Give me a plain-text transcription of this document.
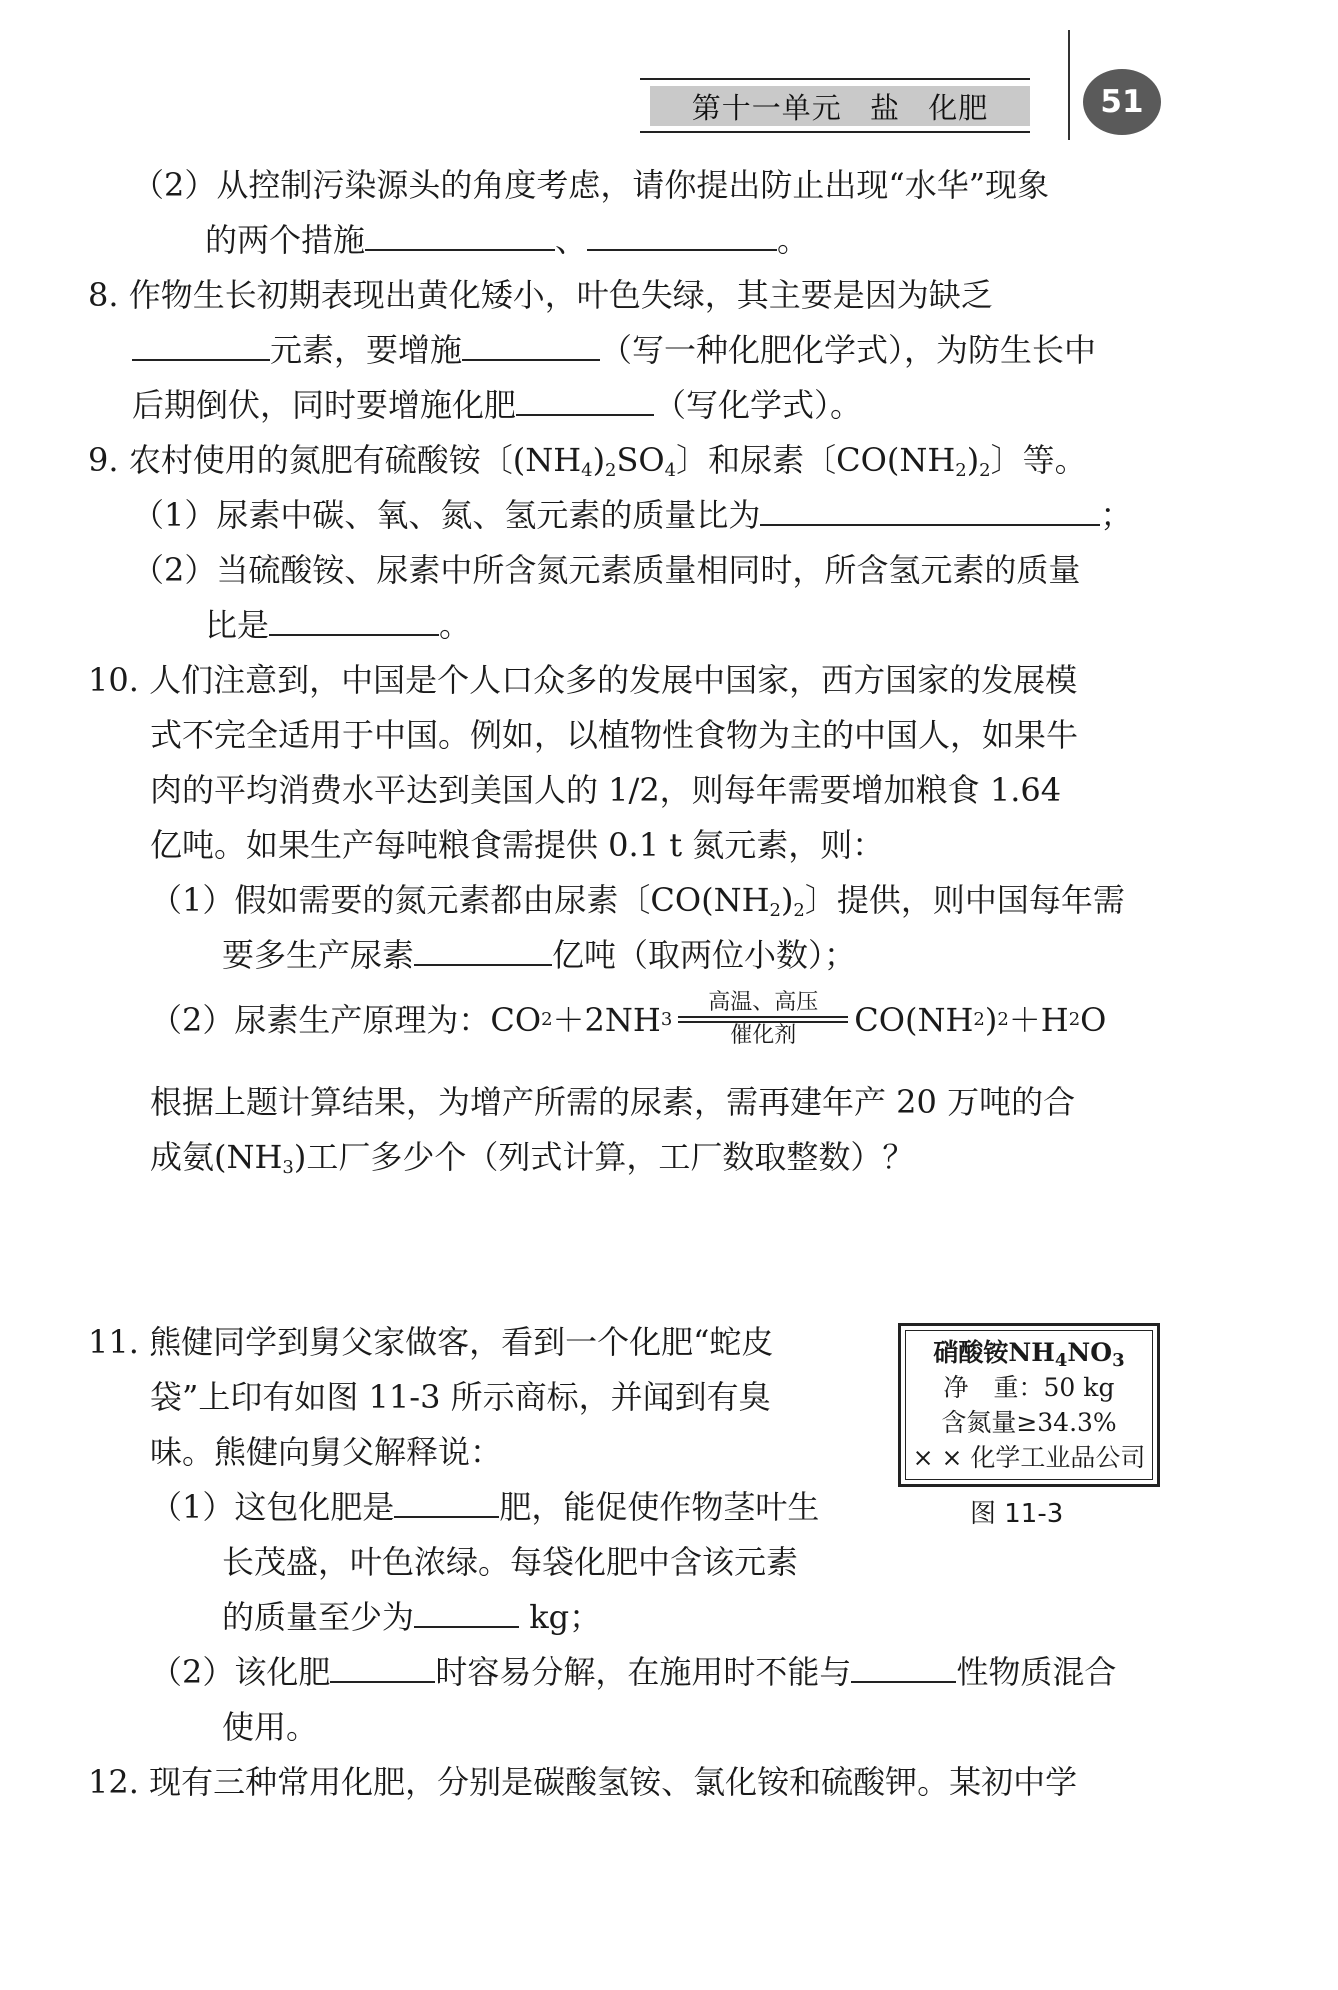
第十一单元 盐 化肥	51
（2）从控制污染源头的角度考虑，请你提出防止出现“水华”现象
的两个措施	、	。
8. 作物生长初期表现出黄化矮小，叶色失绿，其主要是因为缺乏
元素，要增施	（写一种化肥化学式），为防生长中
后期倒伏，同时要增施化肥	（写化学式）。
9. 农村使用的氮肥有硫酸铵〔$(NH_4)_2SO_4$〕和尿素〔$CO(NH_2)_2$〕等。
（1）尿素中碳、氧、氮、氢元素的质量比为	；
（2）当硫酸铵、尿素中所含氮元素质量相同时，所含氢元素的质量
比是	。
10. 人们注意到，中国是个人口众多的发展中国家，西方国家的发展模
式不完全适用于中国。例如，以植物性食物为主的中国人，如果牛
肉的平均消费水平达到美国人的 1/2，则每年需要增加粮食 1.64
亿吨。如果生产每吨粮食需提供 0.1 t 氮元素，则：
（1）假如需要的氮元素都由尿素〔$CO(NH_2)_2$〕提供，则中国每年需
要多生产尿素	亿吨（取两位小数）；
（2）尿素生产原理为： CO 2 ＋2NH 3
高温、高压
催化剂 CO(NH 2 ) 2 ＋H 2 O
根据上题计算结果，为增产所需的尿素，需再建年产 20 万吨的合
成氨$(NH_3)$工厂多少个（列式计算，工厂数取整数）？
11. 熊健同学到舅父家做客，看到一个化肥“蛇皮
袋”上印有如图 11-3 所示商标，并闻到有臭
味。熊健向舅父解释说：
（1）这包化肥是	肥，能促使作物茎叶生
长茂盛，叶色浓绿。每袋化肥中含该元素
的质量至少为	kg；
（2）该化肥	时容易分解，在施用时不能与	性物质混合
使用。
硝酸铵$NH_4NO_3$
净　重：50 kg
含氮量≥34.3%
× × 化学工业品公司
图 11-3
12. 现有三种常用化肥，分别是碳酸氢铵、氯化铵和硫酸钾。某初中学
